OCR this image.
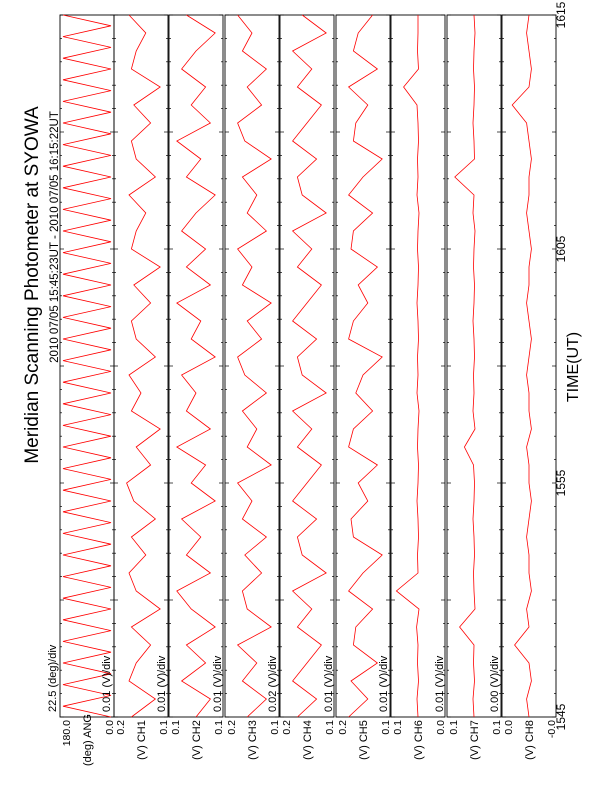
Meridian Scanning Photometer at SYOWA 2010 07/05 15:45:23UT - 2010 07/05 16:15:22UT
TIME(UT)
22.5 (deg)/div
(deg) ANG
180.0	0.0
0.01 (V)/div
(V) CH1
0.2	0.1
0.01 (V)/div
(V) CH2
0.1	0.1
0.01 (V)/div
(V) CH3
0.2	0.1
0.02 (V)/div
(V) CH4
0.2	0.1
0.01 (V)/div
(V) CH5
0.2	0.1
0.01 (V)/div
(V) CH6
0.1	0.0
0.01 (V)/div
(V) CH7
0.1	0.1
0.00 (V)/div
(V) CH8
0.0	-0.0
1545
1555
1605
1615
